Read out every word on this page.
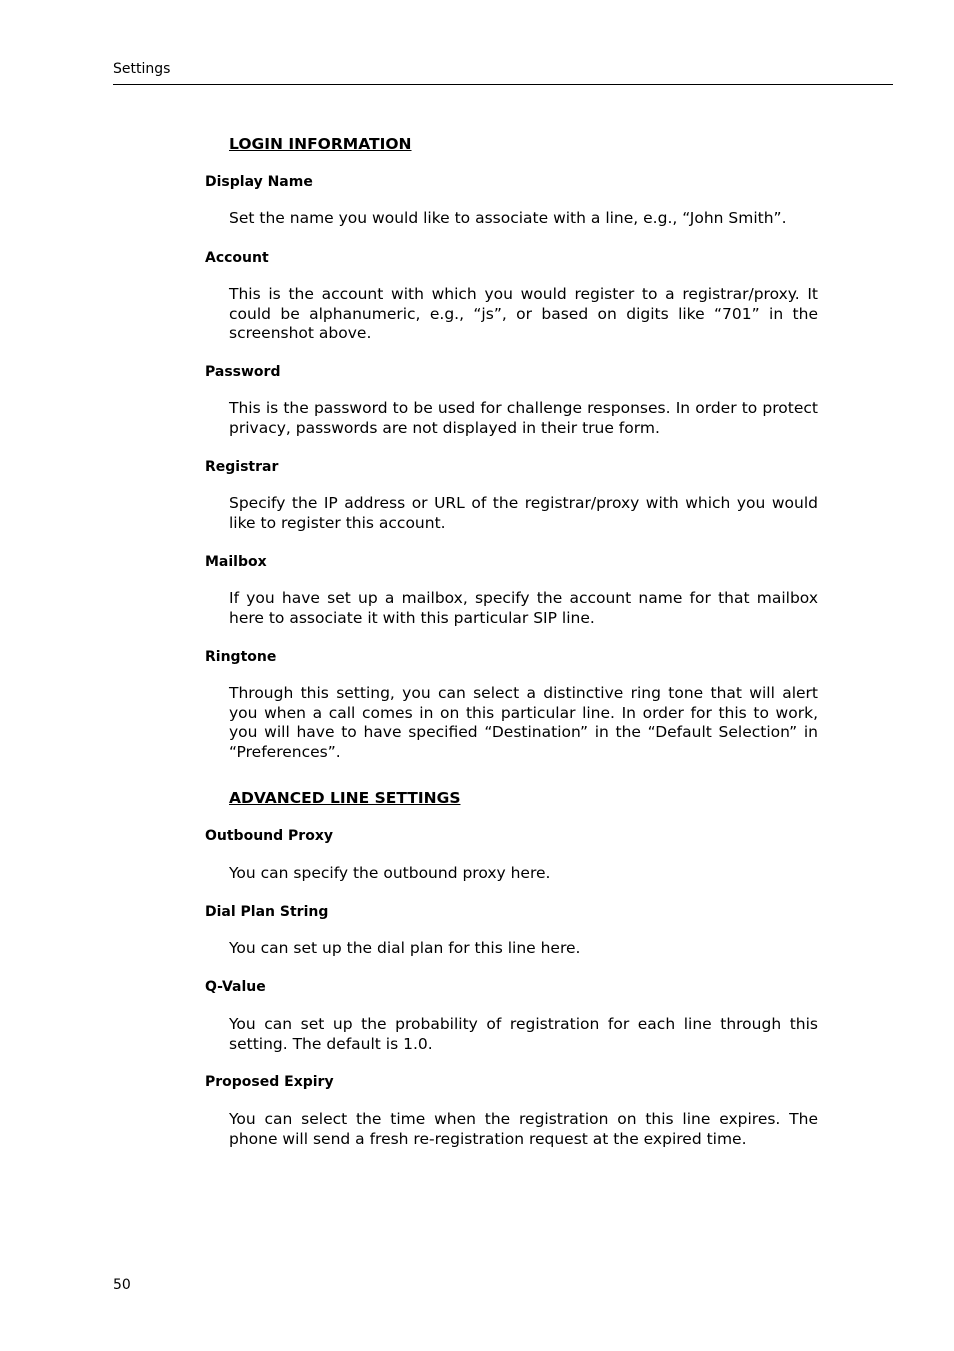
Settings
LOGIN INFORMATION
Display Name
Set the name you would like to associate with a line, e.g., “John Smith”.
Account
This is the account with which you would register to a registrar/proxy. It could be alphanumeric, e.g., “js”, or based on digits like “701” in the screenshot above.
Password
This is the password to be used for challenge responses. In order to protect privacy, passwords are not displayed in their true form.
Registrar
Specify the IP address or URL of the registrar/proxy with which you would like to register this account.
Mailbox
If you have set up a mailbox, specify the account name for that mailbox here to associate it with this particular SIP line.
Ringtone
Through this setting, you can select a distinctive ring tone that will alert you when a call comes in on this particular line. In order for this to work, you will have to have specified “Destination” in the “Default Selection” in “Preferences”.
ADVANCED LINE SETTINGS
Outbound Proxy
You can specify the outbound proxy here.
Dial Plan String
You can set up the dial plan for this line here.
Q-Value
You can set up the probability of registration for each line through this setting. The default is 1.0.
Proposed Expiry
You can select the time when the registration on this line expires. The phone will send a fresh re-registration request at the expired time.
50
